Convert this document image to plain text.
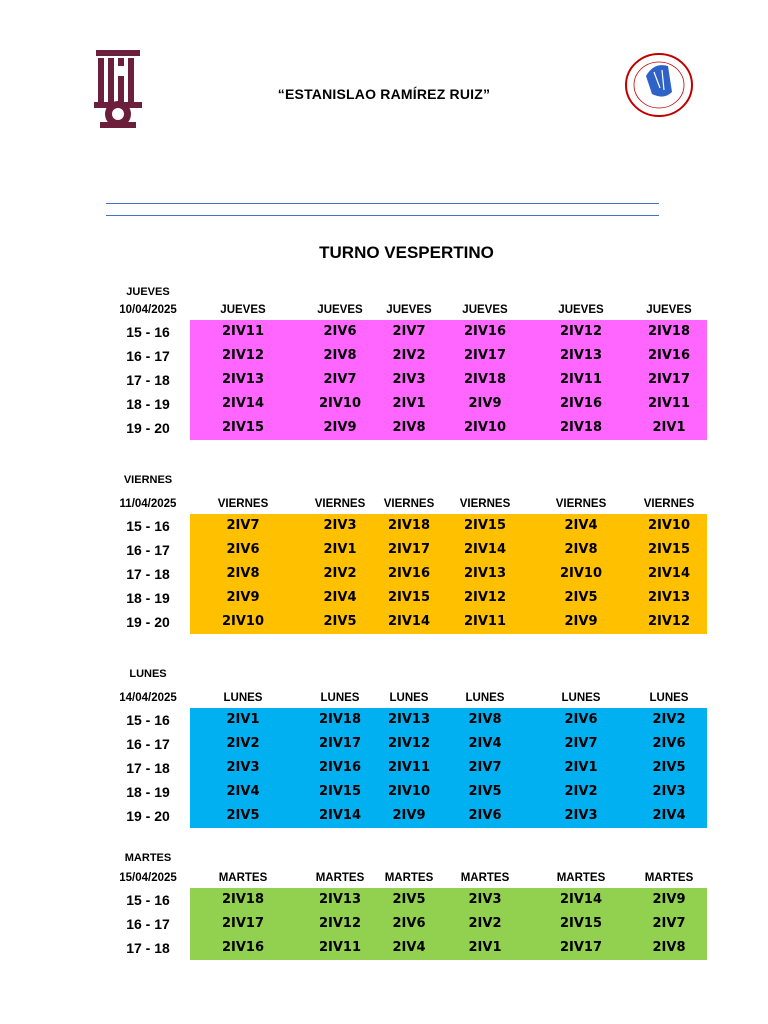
“ESTANISLAO RAMÍREZ RUIZ”
TURNO VESPERTINO
JUEVES
10/04/2025	JUEVES	JUEVES	JUEVES	JUEVES	JUEVES	JUEVES
15 - 16	2IV11	2IV6	2IV7	2IV16	2IV12	2IV18
16 - 17	2IV12	2IV8	2IV2	2IV17	2IV13	2IV16
17 - 18	2IV13	2IV7	2IV3	2IV18	2IV11	2IV17
18 - 19	2IV14	2IV10	2IV1	2IV9	2IV16	2IV11
19 - 20	2IV15	2IV9	2IV8	2IV10	2IV18	2IV1
VIERNES
11/04/2025	VIERNES	VIERNES	VIERNES	VIERNES	VIERNES	VIERNES
15 - 16	2IV7	2IV3	2IV18	2IV15	2IV4	2IV10
16 - 17	2IV6	2IV1	2IV17	2IV14	2IV8	2IV15
17 - 18	2IV8	2IV2	2IV16	2IV13	2IV10	2IV14
18 - 19	2IV9	2IV4	2IV15	2IV12	2IV5	2IV13
19 - 20	2IV10	2IV5	2IV14	2IV11	2IV9	2IV12
LUNES
14/04/2025	LUNES	LUNES	LUNES	LUNES	LUNES	LUNES
15 - 16	2IV1	2IV18	2IV13	2IV8	2IV6	2IV2
16 - 17	2IV2	2IV17	2IV12	2IV4	2IV7	2IV6
17 - 18	2IV3	2IV16	2IV11	2IV7	2IV1	2IV5
18 - 19	2IV4	2IV15	2IV10	2IV5	2IV2	2IV3
19 - 20	2IV5	2IV14	2IV9	2IV6	2IV3	2IV4
MARTES
15/04/2025	MARTES	MARTES	MARTES	MARTES	MARTES	MARTES
15 - 16	2IV18	2IV13	2IV5	2IV3	2IV14	2IV9
16 - 17	2IV17	2IV12	2IV6	2IV2	2IV15	2IV7
17 - 18	2IV16	2IV11	2IV4	2IV1	2IV17	2IV8
